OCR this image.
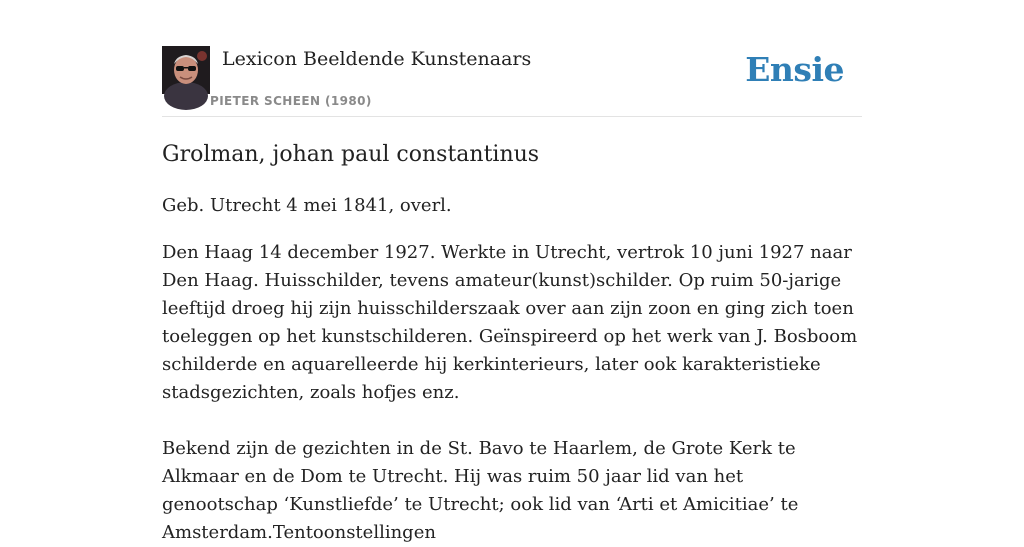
Lexicon Beeldende Kunstenaars
PIETER SCHEEN (1980)
Ensie
Grolman, johan paul constantinus

Geb. Utrecht 4 mei 1841, overl.

Den Haag 14 december 1927. Werkte in Utrecht, vertrok 10 juni 1927 naar Den Haag. Huisschilder, tevens amateur(kunst)schilder. Op ruim 50-jarige leeftijd droeg hij zijn huisschilderszaak over aan zijn zoon en ging zich toen toeleggen op het kunstschilderen. Geïnspireerd op het werk van J. Bosboom schilderde en aquarelleerde hij kerkinterieurs, later ook karakteristieke stadsgezichten, zoals hofjes enz.

Bekend zijn de gezichten in de St. Bavo te Haarlem, de Grote Kerk te Alkmaar en de Dom te Utrecht. Hij was ruim 50 jaar lid van het genootschap ‘Kunstliefde’ te Utrecht; ook lid van ‘Arti et Amicitiae’ te Amsterdam.Tentoonstellingen
